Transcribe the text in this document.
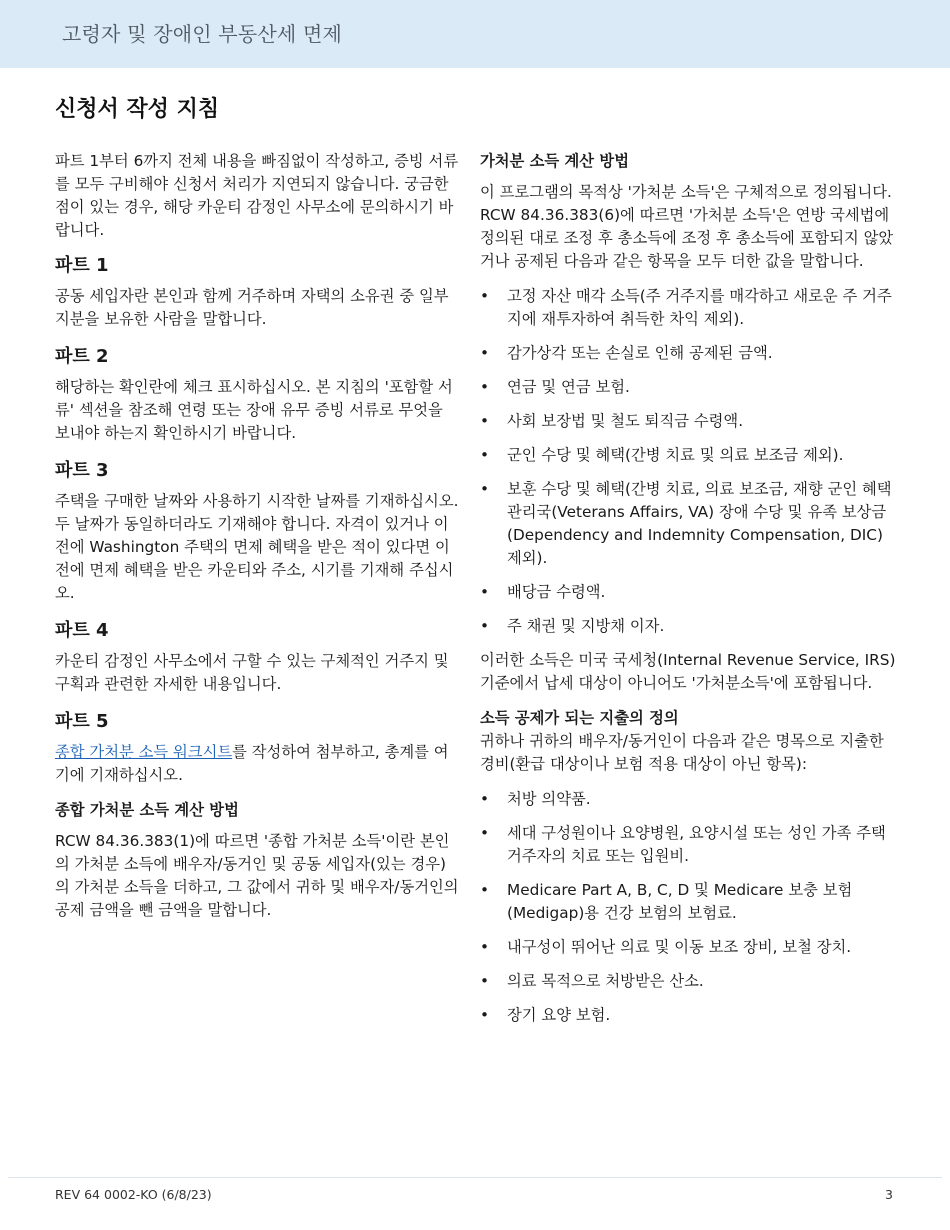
고령자 및 장애인 부동산세 면제
신청서 작성 지침

파트 1부터 6까지 전체 내용을 빠짐없이 작성하고, 증빙 서류를 모두 구비해야 신청서 처리가 지연되지 않습니다. 궁금한 점이 있는 경우, 해당 카운티 감정인 사무소에 문의하시기 바랍니다.

파트 1

공동 세입자란 본인과 함께 거주하며 자택의 소유권 중 일부 지분을 보유한 사람을 말합니다.

파트 2

해당하는 확인란에 체크 표시하십시오. 본 지침의 '포함할 서류' 섹션을 참조해 연령 또는 장애 유무 증빙 서류로 무엇을 보내야 하는지 확인하시기 바랍니다.

파트 3

주택을 구매한 날짜와 사용하기 시작한 날짜를 기재하십시오. 두 날짜가 동일하더라도 기재해야 합니다. 자격이 있거나 이전에 Washington 주택의 면제 혜택을 받은 적이 있다면 이전에 면제 혜택을 받은 카운티와 주소, 시기를 기재해 주십시오.

파트 4

카운티 감정인 사무소에서 구할 수 있는 구체적인 거주지 및 구획과 관련한 자세한 내용입니다.

파트 5

종합 가처분 소득 워크시트를 작성하여 첨부하고, 총계를 여기에 기재하십시오.

종합 가처분 소득 계산 방법

RCW 84.36.383(1)에 따르면 '종합 가처분 소득'이란 본인의 가처분 소득에 배우자/동거인 및 공동 세입자(있는 경우)의 가처분 소득을 더하고, 그 값에서 귀하 및 배우자/동거인의 공제 금액을 뺀 금액을 말합니다.

가처분 소득 계산 방법

이 프로그램의 목적상 '가처분 소득'은 구체적으로 정의됩니다. RCW 84.36.383(6)에 따르면 '가처분 소득'은 연방 국세법에 정의된 대로 조정 후 총소득에 조정 후 총소득에 포함되지 않았거나 공제된 다음과 같은 항목을 모두 더한 값을 말합니다.

• 고정 자산 매각 소득(주 거주지를 매각하고 새로운 주 거주지에 재투자하여 취득한 차익 제외).
• 감가상각 또는 손실로 인해 공제된 금액.
• 연금 및 연금 보험.
• 사회 보장법 및 철도 퇴직금 수령액.
• 군인 수당 및 혜택(간병 치료 및 의료 보조금 제외).
• 보훈 수당 및 혜택(간병 치료, 의료 보조금, 재향 군인 혜택 관리국(Veterans Affairs, VA) 장애 수당 및 유족 보상금(Dependency and Indemnity Compensation, DIC) 제외).
• 배당금 수령액.
• 주 채권 및 지방채 이자.

이러한 소득은 미국 국세청(Internal Revenue Service, IRS) 기준에서 납세 대상이 아니어도 '가처분소득'에 포함됩니다.

소득 공제가 되는 지출의 정의
귀하나 귀하의 배우자/동거인이 다음과 같은 명목으로 지출한 경비(환급 대상이나 보험 적용 대상이 아닌 항목):

• 처방 의약품.
• 세대 구성원이나 요양병원, 요양시설 또는 성인 가족 주택 거주자의 치료 또는 입원비.
• Medicare Part A, B, C, D 및 Medicare 보충 보험(Medigap)용 건강 보험의 보험료.
• 내구성이 뛰어난 의료 및 이동 보조 장비, 보철 장치.
• 의료 목적으로 처방받은 산소.
• 장기 요양 보험.
REV 64 0002-KO (6/8/23)	3
